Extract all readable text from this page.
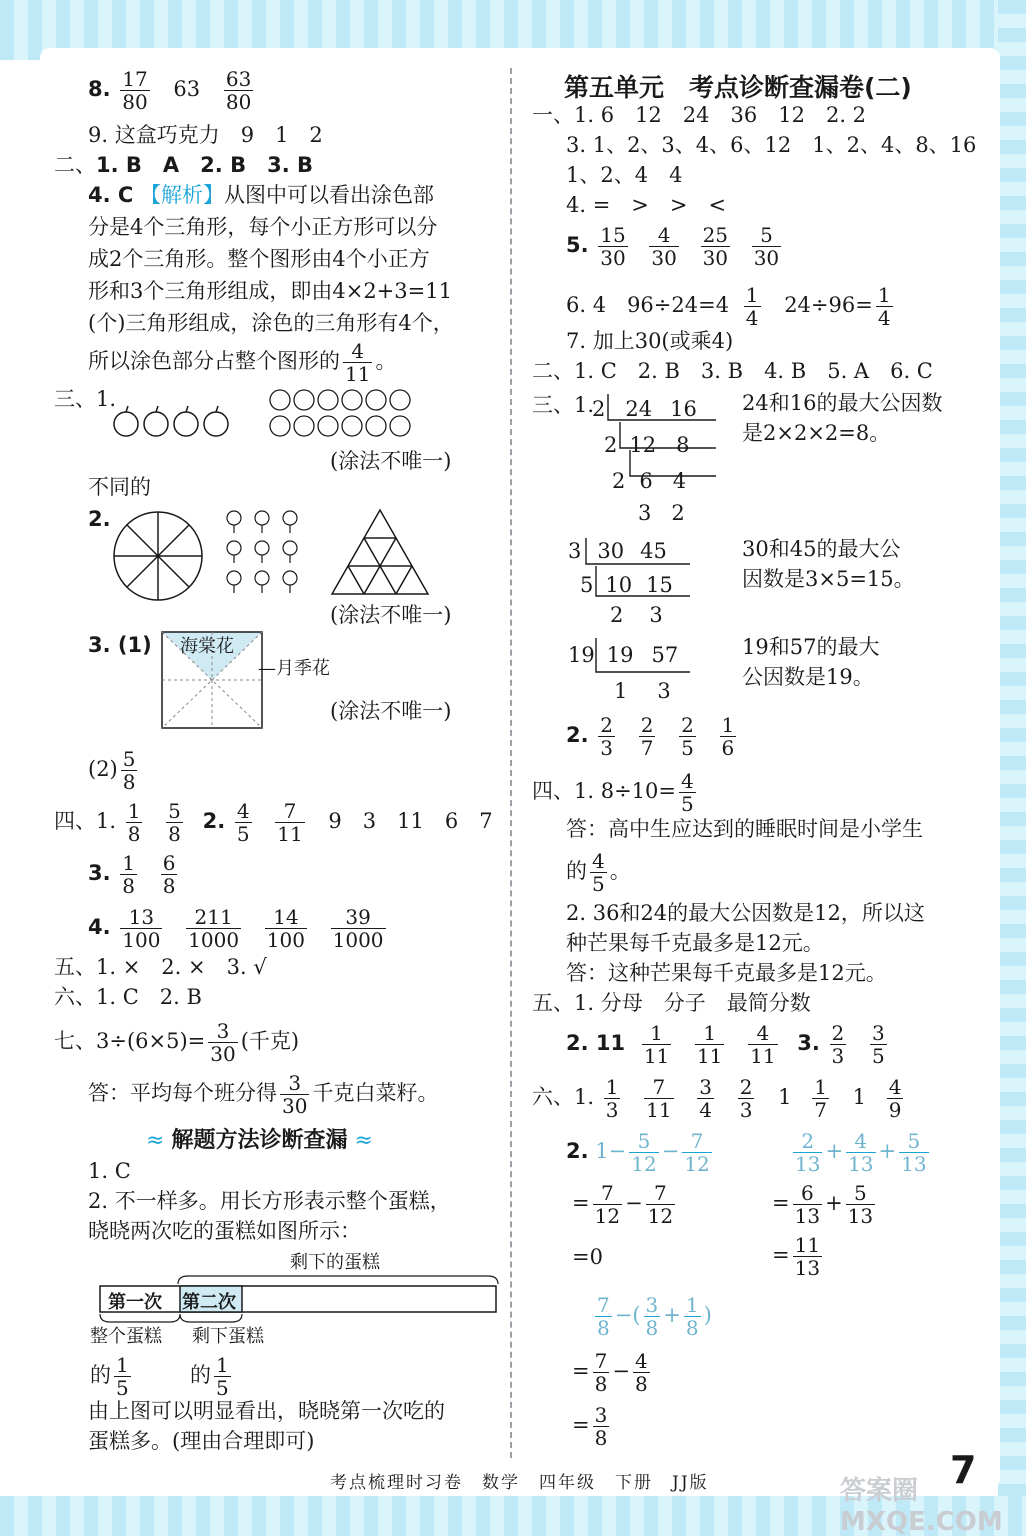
8. $\frac{17}{80} 63 \frac{63}{80}$
9. 这盒巧克力　9　1　2
二、1. B　A　2. B　3. B
4. C 【解析】从图中可以看出涂色部
分是4个三角形，每个小正方形可以分
成2个三角形。整个图形由4个小正方
形和3个三角形组成，即由4×2+3=11
(个)三角形组成，涂色的三角形有4个，
所以涂色部分占整个图形的 $\frac{4}{11}$ 。
三、1.
(涂法不唯一)
不同的
2.
(涂法不唯一)
3. (1) 海棠花
—月季花
(涂法不唯一)
$(2) \frac{5}{8}$
四、1. $\frac{1}{8}$
$\frac{5}{8} 2$. $\frac{4}{5}$
$\frac{7}{11} 9$　3　11　6　7
3. $\frac{1}{8}$
$\frac{6}{8}$
4. $\frac{13}{100}$
$\frac{211}{1000}$
$\frac{14}{100}$
$\frac{39}{1000}$
五、1. ×　2. ×　3. √
六、1. C　2. B
七、$3\div(6\times 5)= \frac{3}{30}$ (千克)
答：平均每个班分得 $\frac{3}{30}$ 千克白菜籽。
≈ 解题方法诊断查漏 ≈
1. C
2. 不一样多。用长方形表示整个蛋糕，
晓晓两次吃的蛋糕如图所示：
剩下的蛋糕
第一次 第二次
整个蛋糕 剩下蛋糕
的 $\frac{1}{5}$	的 $\frac{1}{5}$
由上图可以明显看出，晓晓第一次吃的
蛋糕多。(理由合理即可)
第五单元　考点诊断查漏卷(二)
一、1. 6　12　24　36　12　2. 2
3. 1、2、3、4、6、12　1、2、4、8、16
1、2、4　4
4. =　>　>　<
5. $\frac{15}{30}$
$\frac{4}{30}$
$\frac{25}{30}$
$\frac{5}{30}$
6. 4　$96\div 24=4 \frac{1}{4} 24\div 96= \frac{1}{4}$
7. 加上30(或乘4)
二、1. C　2. B　3. B　4. B　5. A　6. C
三、1.
2 24 16
2 12 8
2 6 4
3 2
24和16的最大公因数
是2×2×2=8。
3 30 45
5 10 15
2 3
30和45的最大公
因数是3×5=15。
19 19 57
1 3
19和57的最大
公因数是19。
2. $\frac{2}{3}$
$\frac{2}{7}$
$\frac{2}{5}$
$\frac{1}{6}$
四、1. $8\div 10= \frac{4}{5}$
答：高中生应达到的睡眠时间是小学生
的 $\frac{4}{5}$ 。
2. 36和24的最大公因数是12，所以这
种芒果每千克最多是12元。
答：这种芒果每千克最多是12元。
五、1. 分母　分子　最简分数
2. $11 \frac{1}{11}$
$\frac{1}{11}$
$\frac{4}{11} 3$. $\frac{2}{3}$
$\frac{3}{5}$
六、1. $\frac{1}{3}$
$\frac{7}{11}$
$\frac{3}{4}$
$\frac{2}{3} 1 \frac{1}{7} 1 \frac{4}{9}$
2. $1- \frac{5}{12} - \frac{7}{12}$	$\frac{2}{13} + \frac{4}{13} + \frac{5}{13}$
= $\frac{7}{12} - \frac{7}{12}$	= $\frac{6}{13} + \frac{5}{13}$
=0	= $\frac{11}{13}$
$\frac{7}{8}$ −( $\frac{3}{8} + \frac{1}{8}$ )
= $\frac{7}{8} - \frac{4}{8}$
= $\frac{3}{8}$
考点梳理时习卷　数学　四年级　下册　JJ版	答案圈 MXQE.COM
7
